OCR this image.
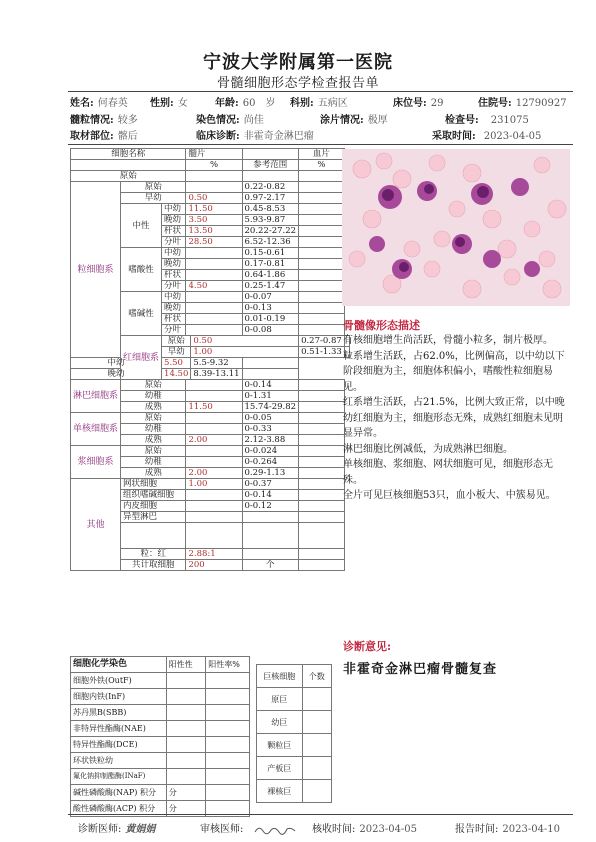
宁波大学附属第一医院
骨髓细胞形态学检查报告单
姓名: 何春英 性别: 女	年龄: 60 岁 科别: 五病区	床位号: 29	住院号: 12790927
髓粒情况: 较多	染色情况: 尚佳	涂片情况: 极厚	检查号: 231075
取材部位: 髂后	临床诊断: 非霍奇金淋巴瘤	采取时间: 2023-04-05
细胞名称			髓片			血片	
			%		参考范围	%	
原始							
粒细胞系	原始				0.22-0.82		
	早幼		0.50		0.97-2.17		
	中性	中幼	11.50		0.45-8.53		
		晚幼	3.50		5.93-9.87		
		杆状	13.50		20.22-27.22		
		分叶	28.50		6.52-12.36		
	嗜酸性	中幼			0.15-0.61		
		晚幼			0.17-0.81		
		杆状			0.64-1.86		
		分叶	4.50		0.25-1.47		
	嗜碱性	中幼			0-0.07		
		晚幼			0-0.13		
		杆状			0.01-0.19		
		分叶			0-0.08		
	红细胞系	原始		0.50		0.27-0.87	
		早幼		1.00		0.51-1.33	
中幼		5.50		5.5-9.32			
晚幼		14.50		8.39-13.11			
淋巴细胞系	原始				0-0.14		
	幼稚				0-1.31		
	成熟		11.50		15.74-29.82		
单核细胞系	原始				0-0.05		
	幼稚				0-0.33		
	成熟		2.00		2.12-3.88		
浆细胞系	原始				0-0.024		
	幼稚				0-0.264		
	成熟		2.00		0.29-1.13		
其他	网状细胞		1.00		0-0.37		
	组织嗜碱细胞				0-0.14		
	内皮细胞				0-0.12		
	异型淋巴						

	粒：红		2.88:1				
	共计取细胞		200		个		
骨髓像形态描述

有核细胞增生尚活跃，骨髓小粒多，制片极厚。

粒系增生活跃，占62.0%，比例偏高，以中幼以下阶段细胞为主，细胞体积偏小，嗜酸性粒细胞易见。

红系增生活跃，占21.5%，比例大致正常，以中晚幼红细胞为主，细胞形态无殊，成熟红细胞未见明显异常。

淋巴细胞比例减低，为成熟淋巴细胞。

单核细胞、浆细胞、网状细胞可见，细胞形态无殊。

全片可见巨核细胞53只，血小板大、中簇易见。

诊断意见:
非霍奇金淋巴瘤骨髓复查
细胞化学染色	阳性性	阳性率%
细胞外铁(OutF)		
细胞内铁(InF)		
苏丹黑B(SBB)		
非特异性酯酶(NAE)		
特异性酯酶(DCE)		
环状铁粒幼		
氟化钠抑制酯酶(INaF)		
碱性磷酸酶(NAP) 积分	分	
酸性磷酸酶(ACP) 积分	分	
巨核细胞	个数
原巨	
幼巨	
颗粒巨	
产板巨	
裸核巨	
诊断医师: 黄娟娟	审核医师:	核收时间: 2023-04-05	报告时间: 2023-04-10
